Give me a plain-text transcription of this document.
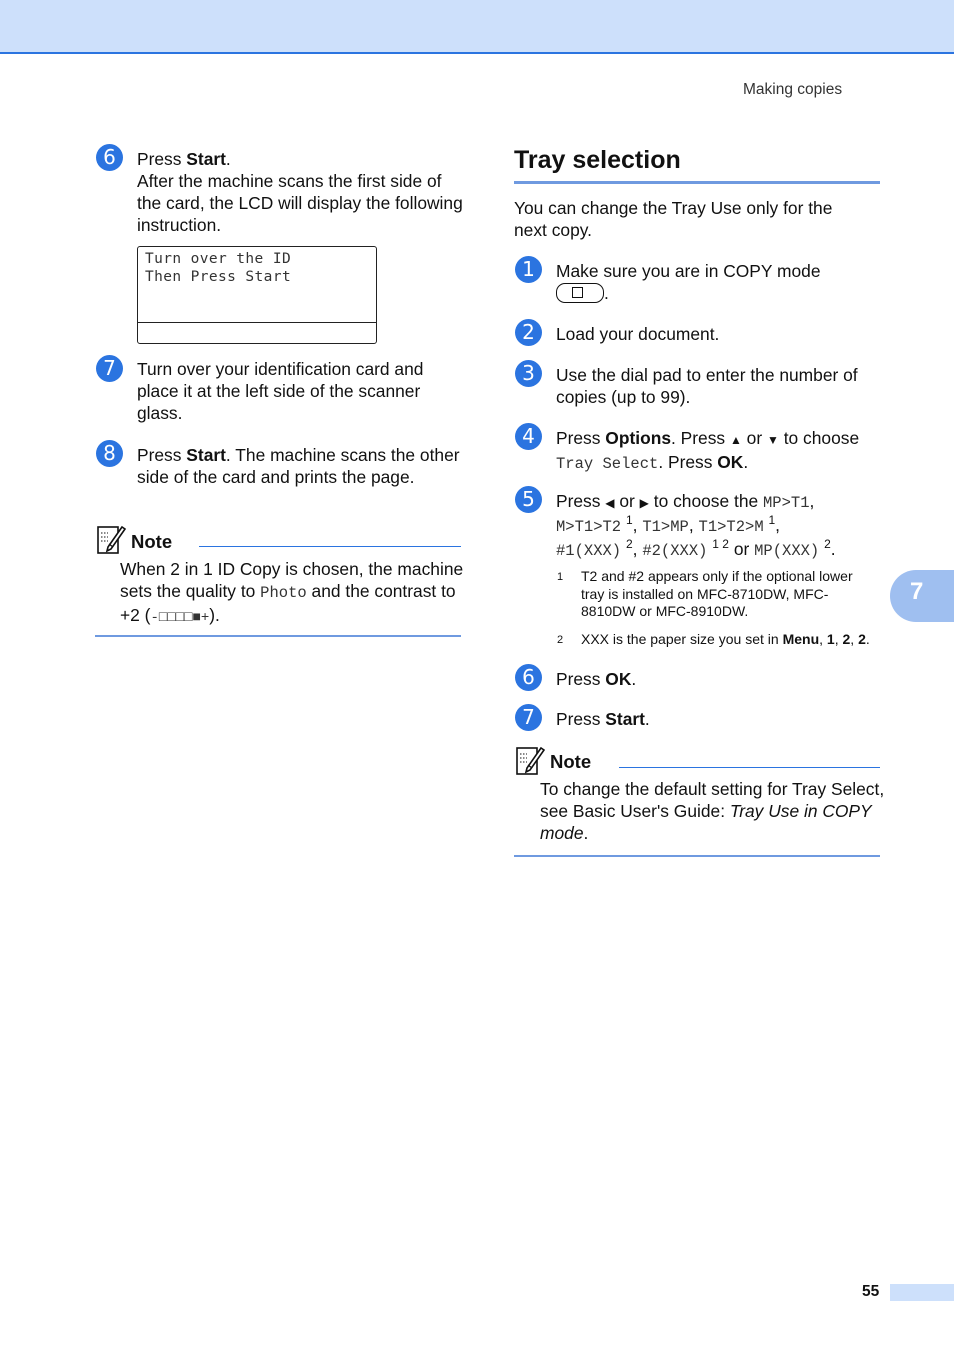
Making copies
6	Press Start.
After the machine scans the first side of the card, the LCD will display the following instruction.
Turn over the ID
Then Press Start
7	Turn over your identification card and place it at the left side of the scanner glass.
8	Press Start. The machine scans the other side of the card and prints the page.
Note
When 2 in 1 ID Copy is chosen, the machine sets the quality to Photo and the contrast to +2 (-□□□□■+).
Tray selection
You can change the Tray Use only for the next copy.
1	Make sure you are in COPY mode

.
2	Load your document.
3	Use the dial pad to enter the number of copies (up to 99).
4	Press Options. Press ▲ or ▼ to choose
Tray Select. Press OK.
5	Press ◀ or ▶ to choose the MP>T1,
M>T1>T2 $^1$, T1>MP, T1>T2>M $^1$,
#1(XXX) $^2$, #2(XXX) $^{1 2}$ or MP(XXX) $^2$.
1 T2 and #2 appears only if the optional lower tray is installed on MFC-8710DW, MFC-8810DW or MFC-8910DW.
2 XXX is the paper size you set in Menu, 1, 2, 2.
6	Press OK.
7	Press Start.
Note
To change the default setting for Tray Select, see Basic User's Guide: Tray Use in COPY mode.
7
55
